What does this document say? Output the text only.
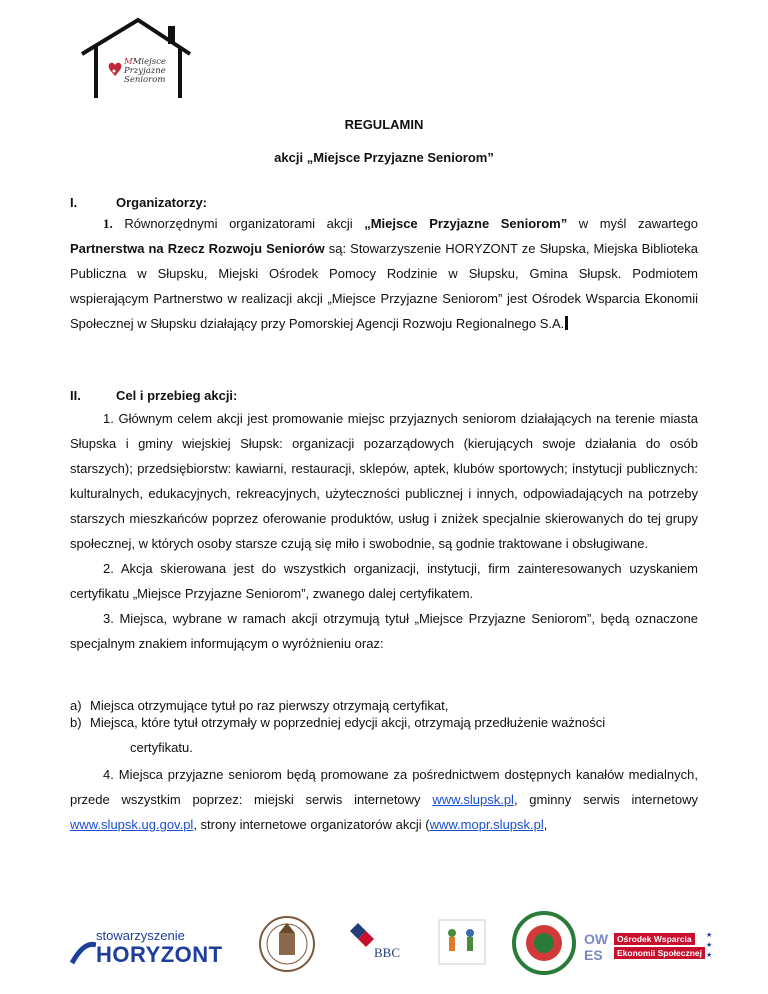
MMiejsce
Przyjazne
Seniorom
REGULAMIN
akcji „Miejsce Przyjazne Seniorom”
I.	Organizatorzy:

1. Równorzędnymi organizatorami akcji „Miejsce Przyjazne Seniorom” w myśl zawartego Partnerstwa na Rzecz Rozwoju Seniorów są: Stowarzyszenie HORYZONT ze Słupska, Miejska Biblioteka Publiczna w Słupsku, Miejski Ośrodek Pomocy Rodzinie w Słupsku, Gmina Słupsk. Podmiotem wspierającym Partnerstwo w realizacji akcji „Miejsce Przyjazne Seniorom” jest Ośrodek Wsparcia Ekonomii Społecznej w Słupsku działający przy Pomorskiej Agencji Rozwoju Regionalnego S.A.

II.	Cel i przebieg akcji:

1. Głównym celem akcji jest promowanie miejsc przyjaznych seniorom działających na terenie miasta Słupska i gminy wiejskiej Słupsk: organizacji pozarządowych (kierujących swoje działania do osób starszych); przedsiębiorstw: kawiarni, restauracji, sklepów, aptek, klubów sportowych; instytucji publicznych: kulturalnych, edukacyjnych, rekreacyjnych, użyteczności publicznej i innych, odpowiadających na potrzeby starszych mieszkańców poprzez oferowanie produktów, usług i zniżek specjalnie skierowanych do tej grupy społecznej, w których osoby starsze czują się miło i swobodnie, są godnie traktowane i obsługiwane.

2. Akcja skierowana jest do wszystkich organizacji, instytucji, firm zainteresowanych uzyskaniem certyfikatu „Miejsce Przyjazne Seniorom”, zwanego dalej certyfikatem.

3. Miejsca, wybrane w ramach akcji otrzymują tytuł „Miejsce Przyjazne Seniorom”, będą oznaczone specjalnym znakiem informującym o wyróżnieniu oraz:

a) Miejsca otrzymujące tytuł po raz pierwszy otrzymają certyfikat,
b) Miejsca, które tytuł otrzymały w poprzedniej edycji akcji, otrzymają przedłużenie ważności
certyfikatu.

4. Miejsca przyjazne seniorom będą promowane za pośrednictwem dostępnych kanałów medialnych, przede wszystkim poprzez: miejski serwis internetowy www.slupsk.pl, gminny serwis internetowy www.slupsk.ug.gov.pl, strony internetowe organizatorów akcji (www.mopr.slupsk.pl,

stowarzyszenie
HORYZONT	BBC
OW
ES
Ośrodek Wsparcia
Ekonomii Społecznej
★
★
★
